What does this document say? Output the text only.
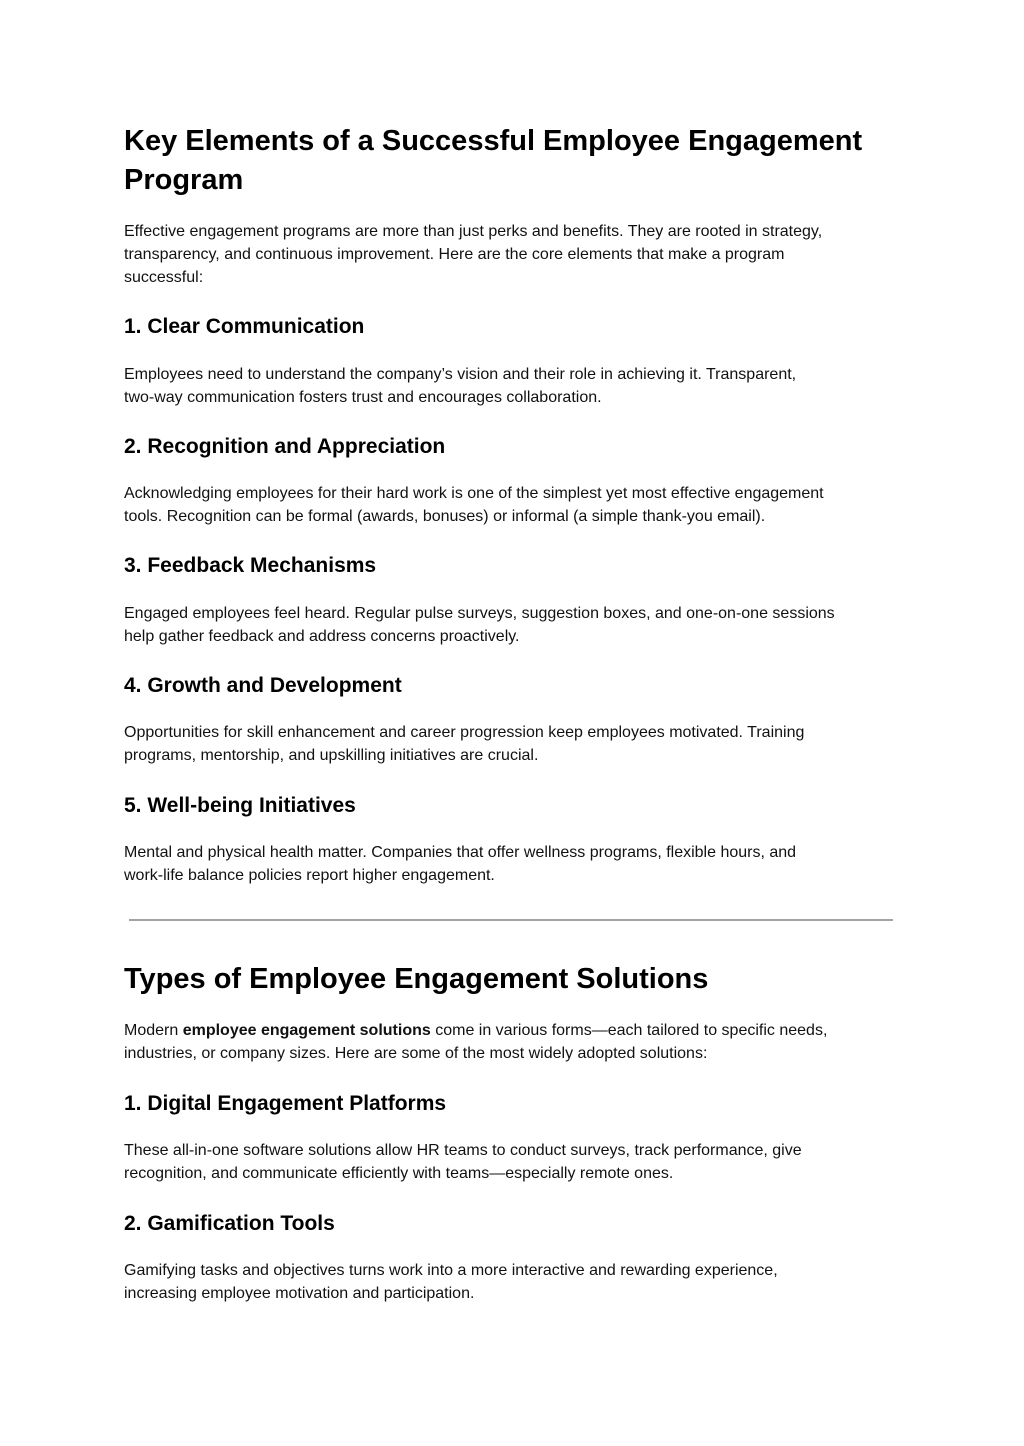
Key Elements of a Successful Employee Engagement
Program

Effective engagement programs are more than just perks and benefits. They are rooted in strategy,
transparency, and continuous improvement. Here are the core elements that make a program
successful:

1. Clear Communication

Employees need to understand the company’s vision and their role in achieving it. Transparent,
two-way communication fosters trust and encourages collaboration.

2. Recognition and Appreciation

Acknowledging employees for their hard work is one of the simplest yet most effective engagement
tools. Recognition can be formal (awards, bonuses) or informal (a simple thank-you email).

3. Feedback Mechanisms

Engaged employees feel heard. Regular pulse surveys, suggestion boxes, and one-on-one sessions
help gather feedback and address concerns proactively.

4. Growth and Development

Opportunities for skill enhancement and career progression keep employees motivated. Training
programs, mentorship, and upskilling initiatives are crucial.

5. Well-being Initiatives

Mental and physical health matter. Companies that offer wellness programs, flexible hours, and
work-life balance policies report higher engagement.

Types of Employee Engagement Solutions

Modern employee engagement solutions come in various forms—each tailored to specific needs,
industries, or company sizes. Here are some of the most widely adopted solutions:

1. Digital Engagement Platforms

These all-in-one software solutions allow HR teams to conduct surveys, track performance, give
recognition, and communicate efficiently with teams—especially remote ones.

2. Gamification Tools

Gamifying tasks and objectives turns work into a more interactive and rewarding experience,
increasing employee motivation and participation.
